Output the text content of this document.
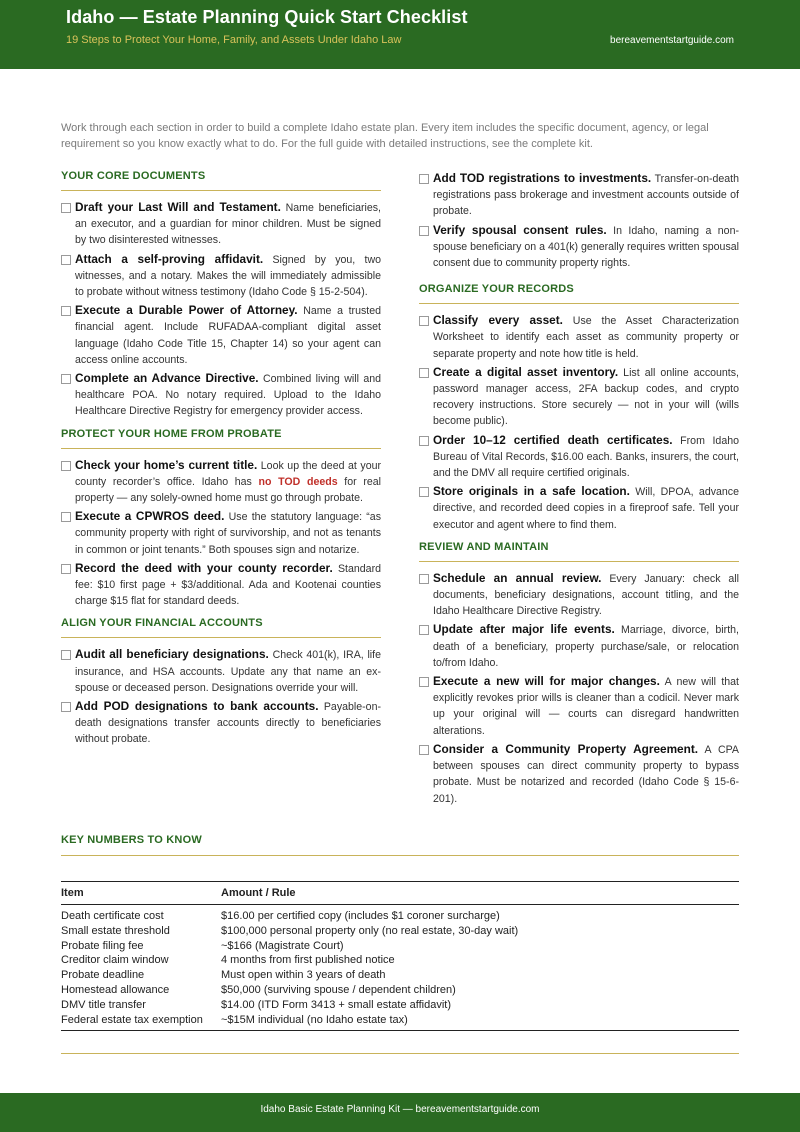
Idaho — Estate Planning Quick Start Checklist
19 Steps to Protect Your Home, Family, and Assets Under Idaho Law	bereavementstartguide.com
Work through each section in order to build a complete Idaho estate plan. Every item includes the specific document, agency, or legal requirement so you know exactly what to do. For the full guide with detailed instructions, see the complete kit.
YOUR CORE DOCUMENTS
Draft your Last Will and Testament. Name beneficiaries, an executor, and a guardian for minor children. Must be signed by two disinterested witnesses.
Attach a self-proving affidavit. Signed by you, two witnesses, and a notary. Makes the will immediately admissible to probate without witness testimony (Idaho Code § 15-2-504).
Execute a Durable Power of Attorney. Name a trusted financial agent. Include RUFADAA-compliant digital asset language (Idaho Code Title 15, Chapter 14) so your agent can access online accounts.
Complete an Advance Directive. Combined living will and healthcare POA. No notary required. Upload to the Idaho Healthcare Directive Registry for emergency provider access.
PROTECT YOUR HOME FROM PROBATE
Check your home’s current title. Look up the deed at your county recorder’s office. Idaho has no TOD deeds for real property — any solely-owned home must go through probate.
Execute a CPWROS deed. Use the statutory language: “as community property with right of survivorship, and not as tenants in common or joint tenants.” Both spouses sign and notarize.
Record the deed with your county recorder. Standard fee: $10 first page + $3/additional. Ada and Kootenai counties charge $15 flat for standard deeds.
ALIGN YOUR FINANCIAL ACCOUNTS
Audit all beneficiary designations. Check 401(k), IRA, life insurance, and HSA accounts. Update any that name an ex-spouse or deceased person. Designations override your will.
Add POD designations to bank accounts. Payable-on-death designations transfer accounts directly to beneficiaries without probate.
Add TOD registrations to investments. Transfer-on-death registrations pass brokerage and investment accounts outside of probate.
Verify spousal consent rules. In Idaho, naming a non-spouse beneficiary on a 401(k) generally requires written spousal consent due to community property rights.
ORGANIZE YOUR RECORDS
Classify every asset. Use the Asset Characterization Worksheet to identify each asset as community property or separate property and note how title is held.
Create a digital asset inventory. List all online accounts, password manager access, 2FA backup codes, and crypto recovery instructions. Store securely — not in your will (wills become public).
Order 10–12 certified death certificates. From Idaho Bureau of Vital Records, $16.00 each. Banks, insurers, the court, and the DMV all require certified originals.
Store originals in a safe location. Will, DPOA, advance directive, and recorded deed copies in a fireproof safe. Tell your executor and agent where to find them.
REVIEW AND MAINTAIN
Schedule an annual review. Every January: check all documents, beneficiary designations, account titling, and the Idaho Healthcare Directive Registry.
Update after major life events. Marriage, divorce, birth, death of a beneficiary, property purchase/sale, or relocation to/from Idaho.
Execute a new will for major changes. A new will that explicitly revokes prior wills is cleaner than a codicil. Never mark up your original will — courts can disregard handwritten alterations.
Consider a Community Property Agreement. A CPA between spouses can direct community property to bypass probate. Must be notarized and recorded (Idaho Code § 15-6-201).
KEY NUMBERS TO KNOW
Item	Amount / Rule
Death certificate cost	$16.00 per certified copy (includes $1 coroner surcharge)
Small estate threshold	$100,000 personal property only (no real estate, 30-day wait)
Probate filing fee	~$166 (Magistrate Court)
Creditor claim window	4 months from first published notice
Probate deadline	Must open within 3 years of death
Homestead allowance	$50,000 (surviving spouse / dependent children)
DMV title transfer	$14.00 (ITD Form 3413 + small estate affidavit)
Federal estate tax exemption	~$15M individual (no Idaho estate tax)
Idaho Basic Estate Planning Kit — bereavementstartguide.com
